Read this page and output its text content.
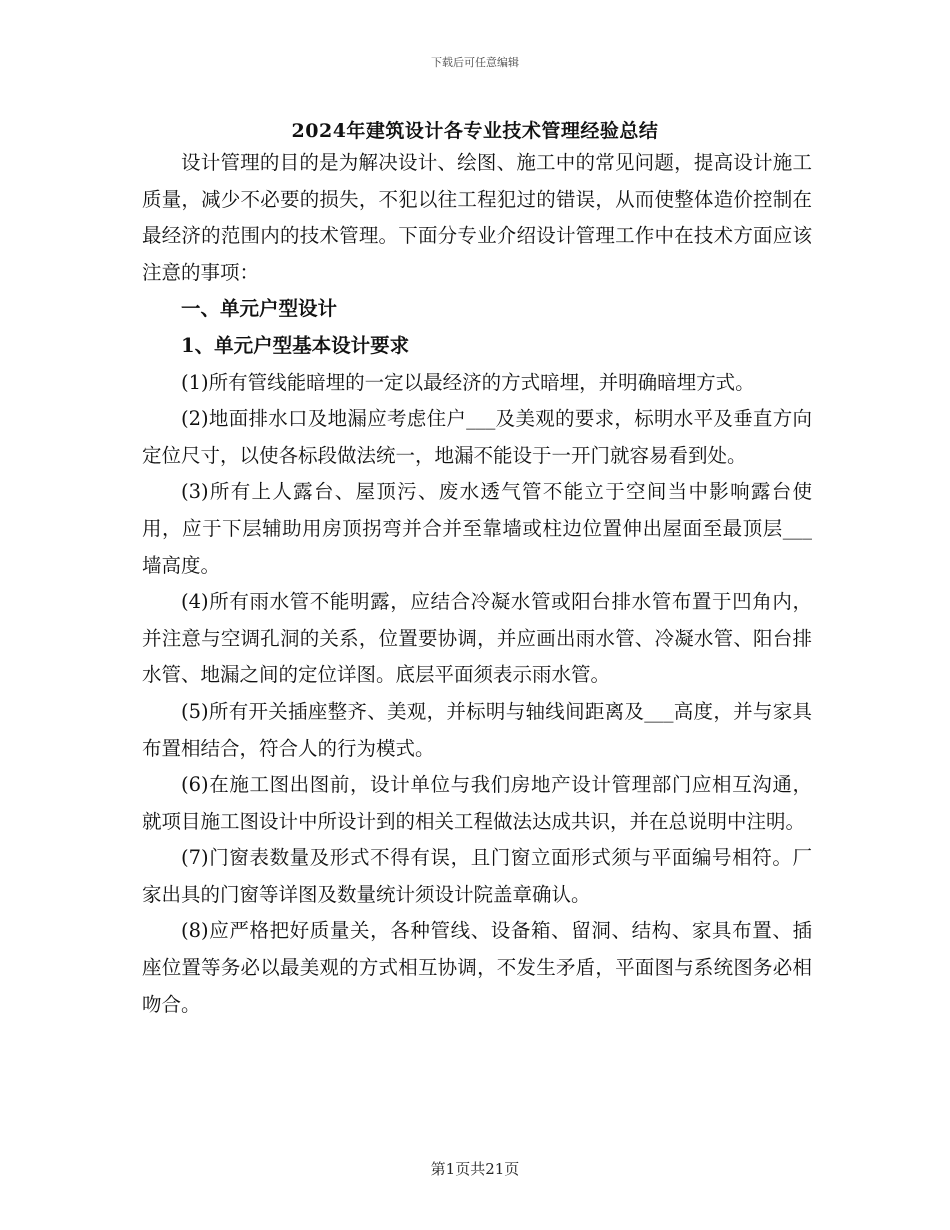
下载后可任意编辑
2024年建筑设计各专业技术管理经验总结

设计管理的目的是为解决设计、绘图、施工中的常见问题，提高设计施工质量，减少不必要的损失，不犯以往工程犯过的错误，从而使整体造价控制在最经济的范围内的技术管理。下面分专业介绍设计管理工作中在技术方面应该注意的事项：

一、单元户型设计

1、单元户型基本设计要求

(1)所有管线能暗埋的一定以最经济的方式暗埋，并明确暗埋方式。

(2)地面排水口及地漏应考虑住户___及美观的要求，标明水平及垂直方向定位尺寸，以使各标段做法统一，地漏不能设于一开门就容易看到处。

(3)所有上人露台、屋顶污、废水透气管不能立于空间当中影响露台使用，应于下层辅助用房顶拐弯并合并至靠墙或柱边位置伸出屋面至最顶层___墙高度。

(4)所有雨水管不能明露，应结合冷凝水管或阳台排水管布置于凹角内，并注意与空调孔洞的关系，位置要协调，并应画出雨水管、冷凝水管、阳台排水管、地漏之间的定位详图。底层平面须表示雨水管。

(5)所有开关插座整齐、美观，并标明与轴线间距离及___高度，并与家具布置相结合，符合人的行为模式。

(6)在施工图出图前，设计单位与我们房地产设计管理部门应相互沟通，就项目施工图设计中所设计到的相关工程做法达成共识，并在总说明中注明。

(7)门窗表数量及形式不得有误，且门窗立面形式须与平面编号相符。厂家出具的门窗等详图及数量统计须设计院盖章确认。

(8)应严格把好质量关，各种管线、设备箱、留洞、结构、家具布置、插座位置等务必以最美观的方式相互协调，不发生矛盾，平面图与系统图务必相吻合。

第1页共21页
